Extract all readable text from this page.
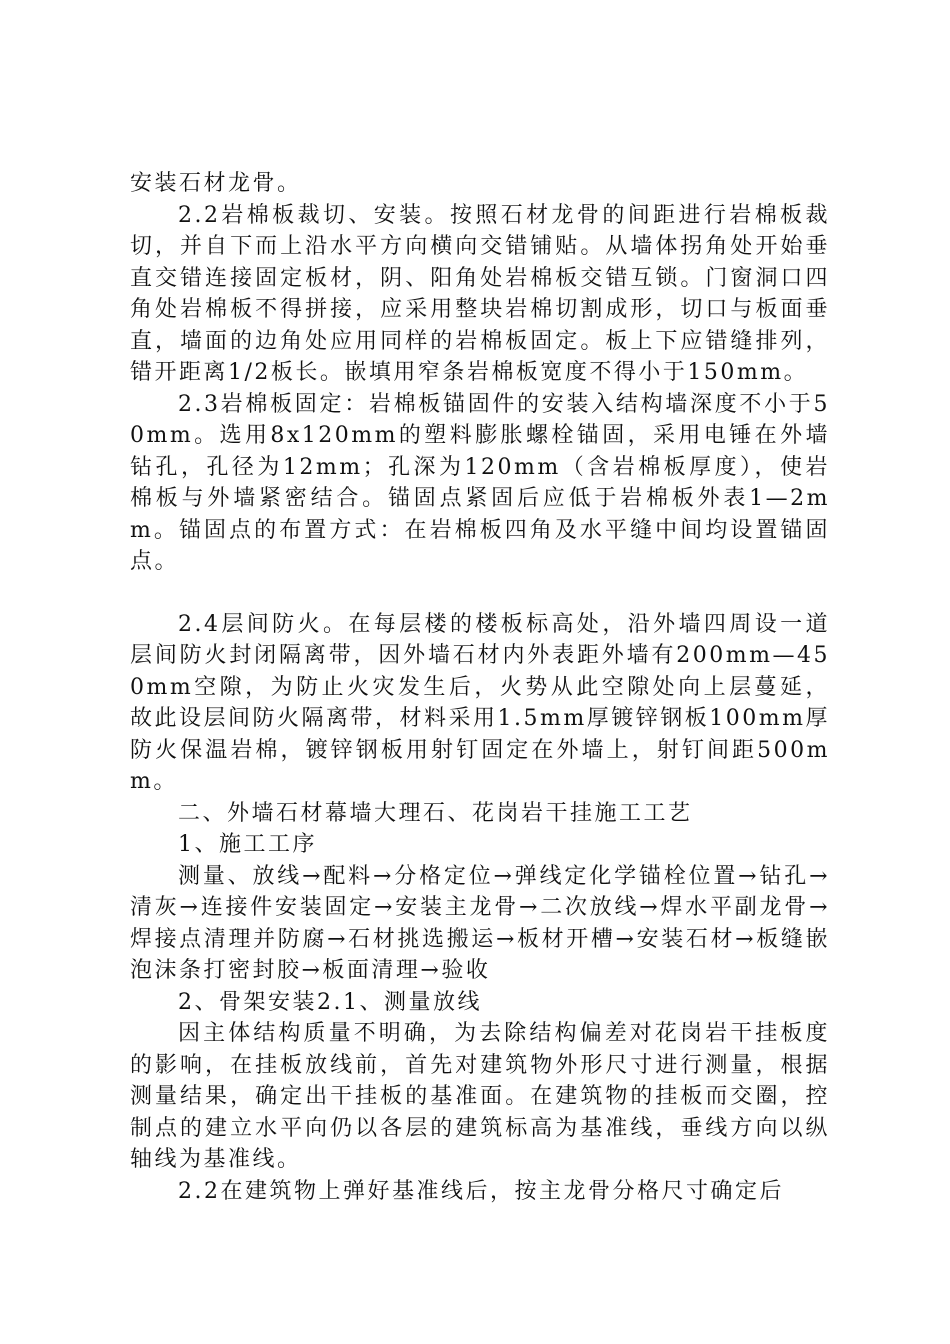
安装石材龙骨。

2.2岩棉板裁切、安装。按照石材龙骨的间距进行岩棉板裁切，并自下而上沿水平方向横向交错铺贴。从墙体拐角处开始垂直交错连接固定板材，阴、阳角处岩棉板交错互锁。门窗洞口四角处岩棉板不得拼接，应采用整块岩棉切割成形，切口与板面垂直，墙面的边角处应用同样的岩棉板固定。板上下应错缝排列，错开距离1/2板长。嵌填用窄条岩棉板宽度不得小于150mm。

2.3岩棉板固定：岩棉板锚固件的安装入结构墙深度不小于50mm。选用8x120mm的塑料膨胀螺栓锚固，采用电锤在外墙钻孔，孔径为12mm；孔深为120mm（含岩棉板厚度），使岩棉板与外墙紧密结合。锚固点紧固后应低于岩棉板外表1—2mm。锚固点的布置方式：在岩棉板四角及水平缝中间均设置锚固点。

2.4层间防火。在每层楼的楼板标高处，沿外墙四周设一道层间防火封闭隔离带，因外墙石材内外表距外墙有200mm—450mm空隙，为防止火灾发生后，火势从此空隙处向上层蔓延，故此设层间防火隔离带，材料采用1.5mm厚镀锌钢板100mm厚防火保温岩棉，镀锌钢板用射钉固定在外墙上，射钉间距500mm。

二、外墙石材幕墙大理石、花岗岩干挂施工工艺

1、施工工序

测量、放线→配料→分格定位→弹线定化学锚栓位置→钻孔→清灰→连接件安装固定→安装主龙骨→二次放线→焊水平副龙骨→焊接点清理并防腐→石材挑选搬运→板材开槽→安装石材→板缝嵌泡沫条打密封胶→板面清理→验收

2、骨架安装2.1、测量放线

因主体结构质量不明确，为去除结构偏差对花岗岩干挂板度的影响，在挂板放线前，首先对建筑物外形尺寸进行测量，根据测量结果，确定出干挂板的基准面。在建筑物的挂板而交圈，控制点的建立水平向仍以各层的建筑标高为基准线，垂线方向以纵轴线为基准线。

2.2在建筑物上弹好基准线后，按主龙骨分格尺寸确定后
